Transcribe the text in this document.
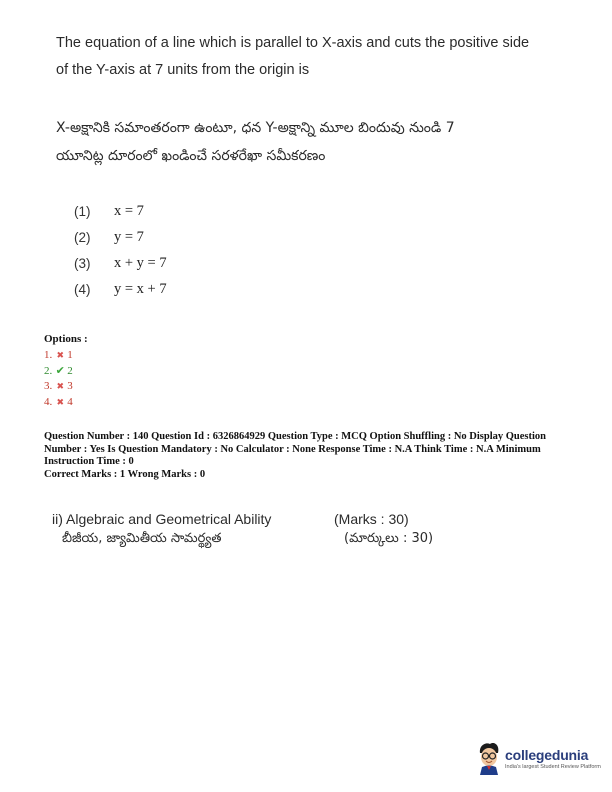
The equation of a line which is parallel to X-axis and cuts the positive side
of the Y-axis at 7 units from the origin is
X-అక్షానికి సమాంతరంగా ఉంటూ, ధన Y-అక్షాన్ని మూల బిందువు నుండి 7
యూనిట్ల దూరంలో ఖండించే సరళరేఖా సమీకరణం
(1)	x = 7
(2)	y = 7
(3)	x + y = 7
(4)	y = x + 7
Options :
1. ✖ 1
2. ✔ 2
3. ✖ 3
4. ✖ 4
Question Number : 140 Question Id : 6326864929 Question Type : MCQ Option Shuffling : No Display Question
Number : Yes Is Question Mandatory : No Calculator : None Response Time : N.A Think Time : N.A Minimum
Instruction Time : 0
Correct Marks : 1 Wrong Marks : 0
ii) Algebraic and Geometrical Ability	(Marks : 30)
బీజీయ, జ్యామితీయ సామర్థ్యత	(మార్కులు : 30)
collegedunia
India's largest Student Review Platform
